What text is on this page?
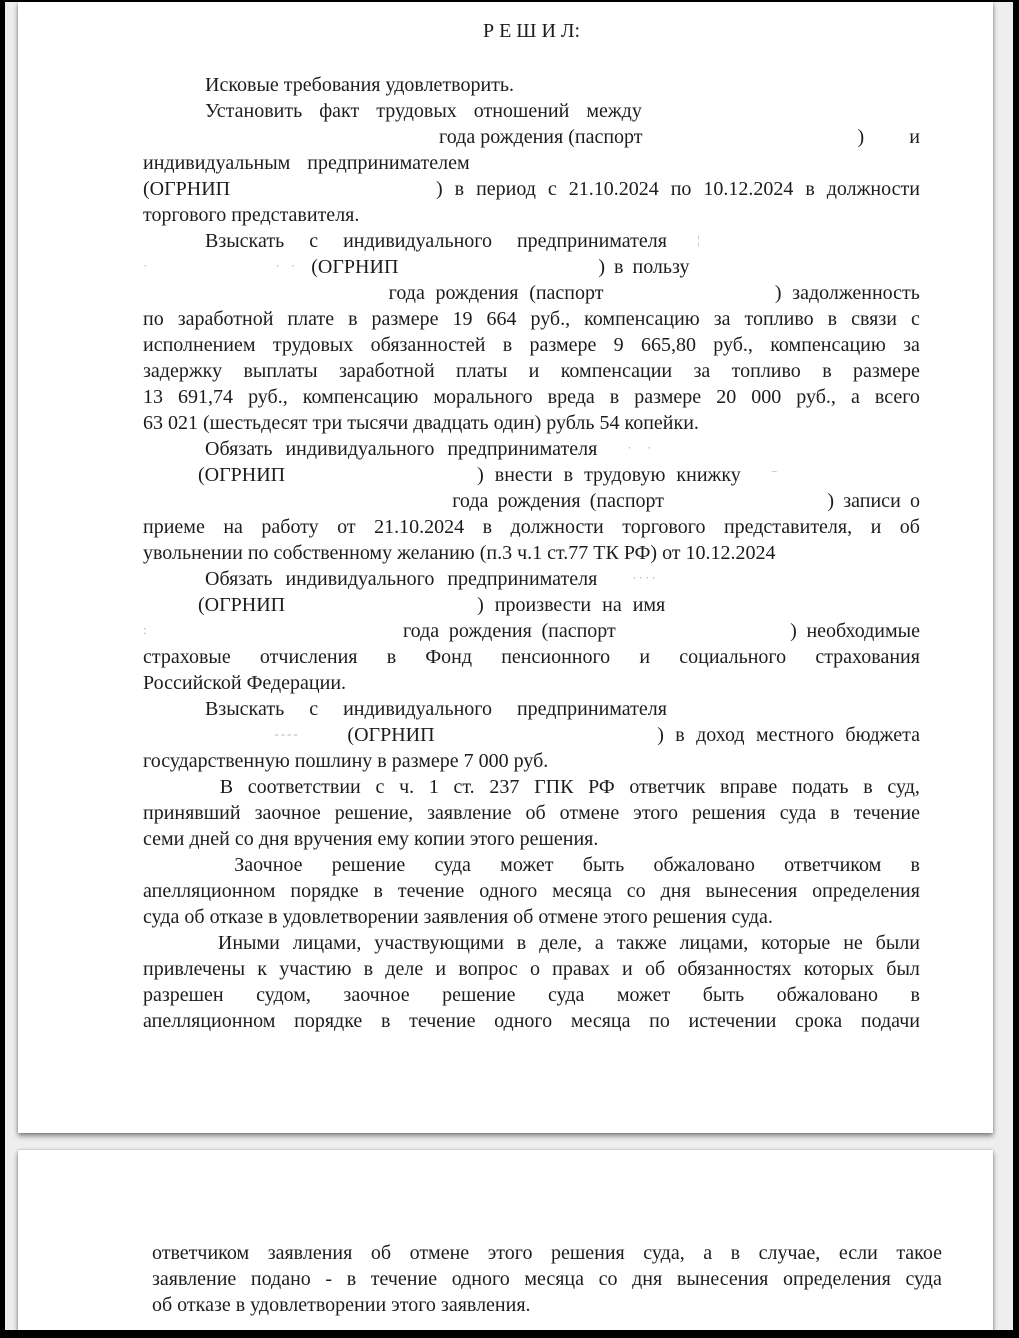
Р Е Ш И Л:
Исковые требования удовлетворить.
Установить факт трудовых отношений между
года рождения (паспорт	) и
индивидуальным предпринимателем
(ОГРНИП	) в период с 21.10.2024 по 10.12.2024 в должности
торгового представителя.
Взыскать с индивидуального предпринимателя ¦
·	· · (ОГРНИП	) в пользу
года рождения (паспорт	) задолженность
по заработной плате в размере 19 664 руб., компенсацию за топливо в связи с
исполнением трудовых обязанностей в размере 9 665,80 руб., компенсацию за
задержку выплаты заработной платы и компенсации за топливо в размере
13 691,74 руб., компенсацию морального вреда в размере 20 000 руб., а всего
63 021 (шестьдесят три тысячи двадцать один) рубль 54 копейки.
Обязать индивидуального предпринимателя · ·
(ОГРНИП	) внести в трудовую книжку ⁻
года рождения (паспорт	) записи о
приеме на работу от 21.10.2024 в должности торгового представителя, и об
увольнении по собственному желанию (п.3 ч.1 ст.77 ТК РФ) от 10.12.2024
Обязать индивидуального предпринимателя	····
(ОГРНИП	) произвести на имя
:	года рождения (паспорт	) необходимые
страховые отчисления в Фонд пенсионного и социального страхования
Российской Федерации.
Взыскать с индивидуального предпринимателя
‑‑‑‑ (ОГРНИП	) в доход местного бюджета
государственную пошлину в размере 7 000 руб.
В соответствии с ч. 1 ст. 237 ГПК РФ ответчик вправе подать в суд,
принявший заочное решение, заявление об отмене этого решения суда в течение
семи дней со дня вручения ему копии этого решения.
Заочное решение суда может быть обжаловано ответчиком в
апелляционном порядке в течение одного месяца со дня вынесения определения
суда об отказе в удовлетворении заявления об отмене этого решения суда.
Иными лицами, участвующими в деле, а также лицами, которые не были
привлечены к участию в деле и вопрос о правах и об обязанностях которых был
разрешен судом, заочное решение суда может быть обжаловано в
апелляционном порядке в течение одного месяца по истечении срока подачи
ответчиком заявления об отмене этого решения суда, а в случае, если такое
заявление подано - в течение одного месяца со дня вынесения определения суда
об отказе в удовлетворении этого заявления.
